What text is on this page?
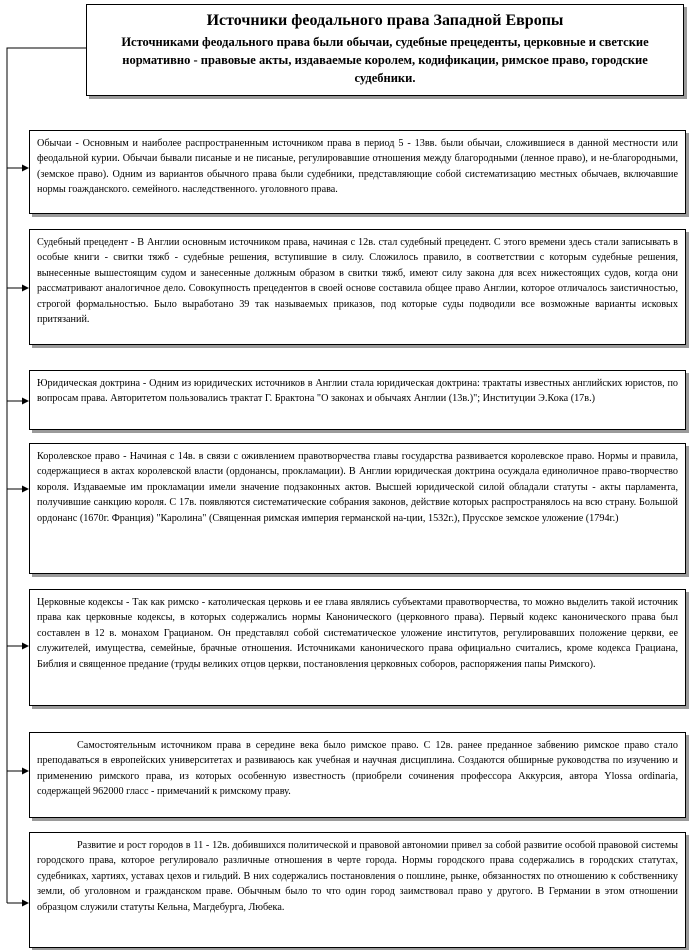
Источники феодального права Западной Европы
Источниками феодального права были обычаи, судебные прецеденты, церковные и светские нормативно - правовые акты, издаваемые королем, кодификации, римское право, городские судебники.
Обычаи - Основным и наиболее распространенным источником права в период 5 - 13вв. были обычаи, сложившиеся в данной местности или феодальной курии. Обычаи бывали писаные и не писаные, регулировавшие отношения между благородными (ленное право), и не-благородными, (земское право). Одним из вариантов обычного права были судебники, представляющие собой систематизацию местных обычаев, включавшие нормы гоажданского. семейного. наследственного. уголовного права.
Судебный прецедент - В Англии основным источником права, начиная с 12в. стал судебный прецедент. С этого времени здесь стали записывать в особые книги - свитки тяжб - судебные решения, вступившие в силу. Сложилось правило, в соответствии с которым судебные решения, вынесенные вышестоящим судом и занесенные должным образом в свитки тяжб, имеют силу закона для всех нижестоящих судов, когда они рассматривают аналогичное дело. Совокупность прецедентов в своей основе составила общее право Англии, которое отличалось заистичностью, строгой формальностью. Было выработано 39 так называемых приказов, под которые суды подводили все возможные варианты исковых притязаний.
Юридическая доктрина - Одним из юридических источников в Англии стала юридическая доктрина: трактаты известных английских юристов, по вопросам права. Авторитетом пользовались трактат Г. Брактона "О законах и обычаях Англии (13в.)"; Институции Э.Кока (17в.)
Королевское право - Начиная с 14в. в связи с оживлением правотворчества главы государства развивается королевское право. Нормы и правила, содержащиеся в актах королевской власти (ордонансы, прокламации). В Англии юридическая доктрина осуждала единоличное право-творчество короля. Издаваемые им прокламации имели значение подзаконных актов. Высшей юридической силой обладали статуты - акты парламента, получившие санкцию короля. С 17в. появляются систематические собрания законов, действие которых распространялось на всю страну. Большой ордонанс (1670г. Франция) "Каролина" (Священная римская империя германской на-ции, 1532г.), Прусское земское уложение (1794г.)
Церковные кодексы - Так как римско - католическая церковь и ее глава являлись субъектами правотворчества, то можно выделить такой источник права как церковные кодексы, в которых содержались нормы Канонического (церковного права). Первый кодекс канонического права был составлен в 12 в. монахом Грацианом. Он представлял собой систематическое уложение институтов, регулировавших положение церкви, ее служителей, имущества, семейные, брачные отношения. Источниками канонического права официально считались, кроме кодекса Грациана, Библия и священное предание (труды великих отцов церкви, постановления церковных соборов, распоряжения папы Римского).
Самостоятельным источником права в середине века было римское право. С 12в. ранее преданное забвению римское право стало преподаваться в европейских университетах и развиваюсь как учебная и научная дисциплина. Создаются обширные руководства по изучению и применению римского права, из которых особенную известность (приобрели сочинения профессора Аккурсия, автора Ylossa ordinaria, содержащей 962000 гласс - примечаний к римскому праву.
Развитие и рост городов в 11 - 12в. добившихся политической и правовой автономии привел за собой развитие особой правовой системы городского права, которое регулировало различные отношения в черте города. Нормы городского права содержались в городских статутах, судебниках, хартиях, уставах цехов и гильдий. В них содержались постановления о пошлине, рынке, обязанностях по отношению к собственнику земли, об уголовном и гражданском праве. Обычным было то что один город заимствовал право у другого. В Германии в этом отношении образцом служили статуты Кельна, Магдебурга, Любека.
